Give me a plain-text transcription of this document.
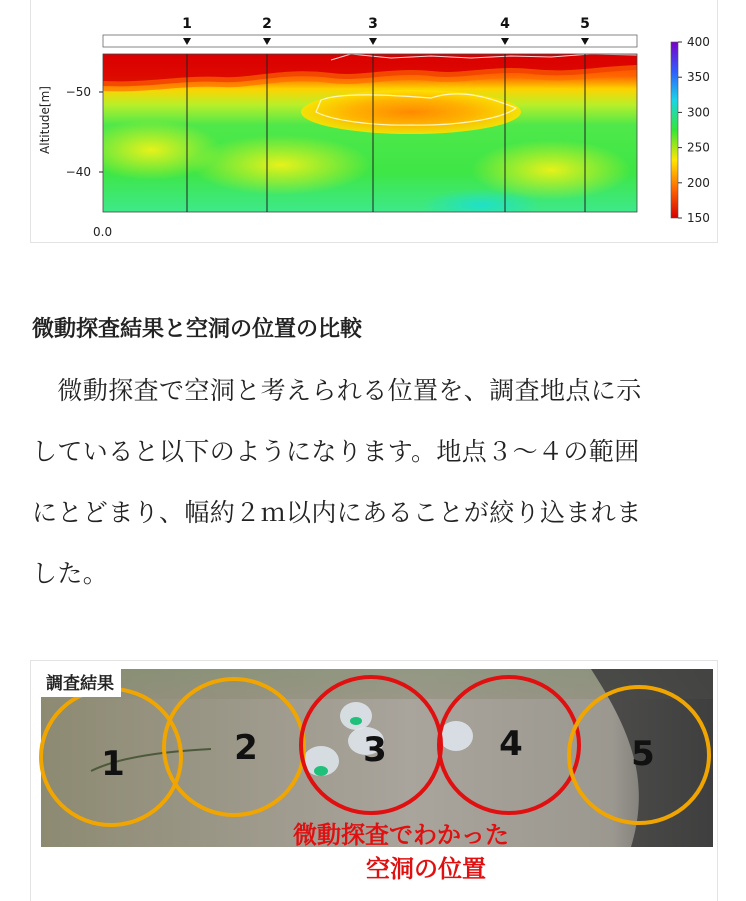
1	2	3	4	5
Altitude[m] −50
−40
0.0
400
350
300
250
200
150
微動探査結果と空洞の位置の比較

　微動探査で空洞と考えられる位置を、調査地点に示
していると以下のようになります。地点３～４の範囲
にとどまり、幅約２ｍ以内にあることが絞り込まれま
した。

1	2	3	4	5
微動探査でわかった
空洞の位置
調査結果
